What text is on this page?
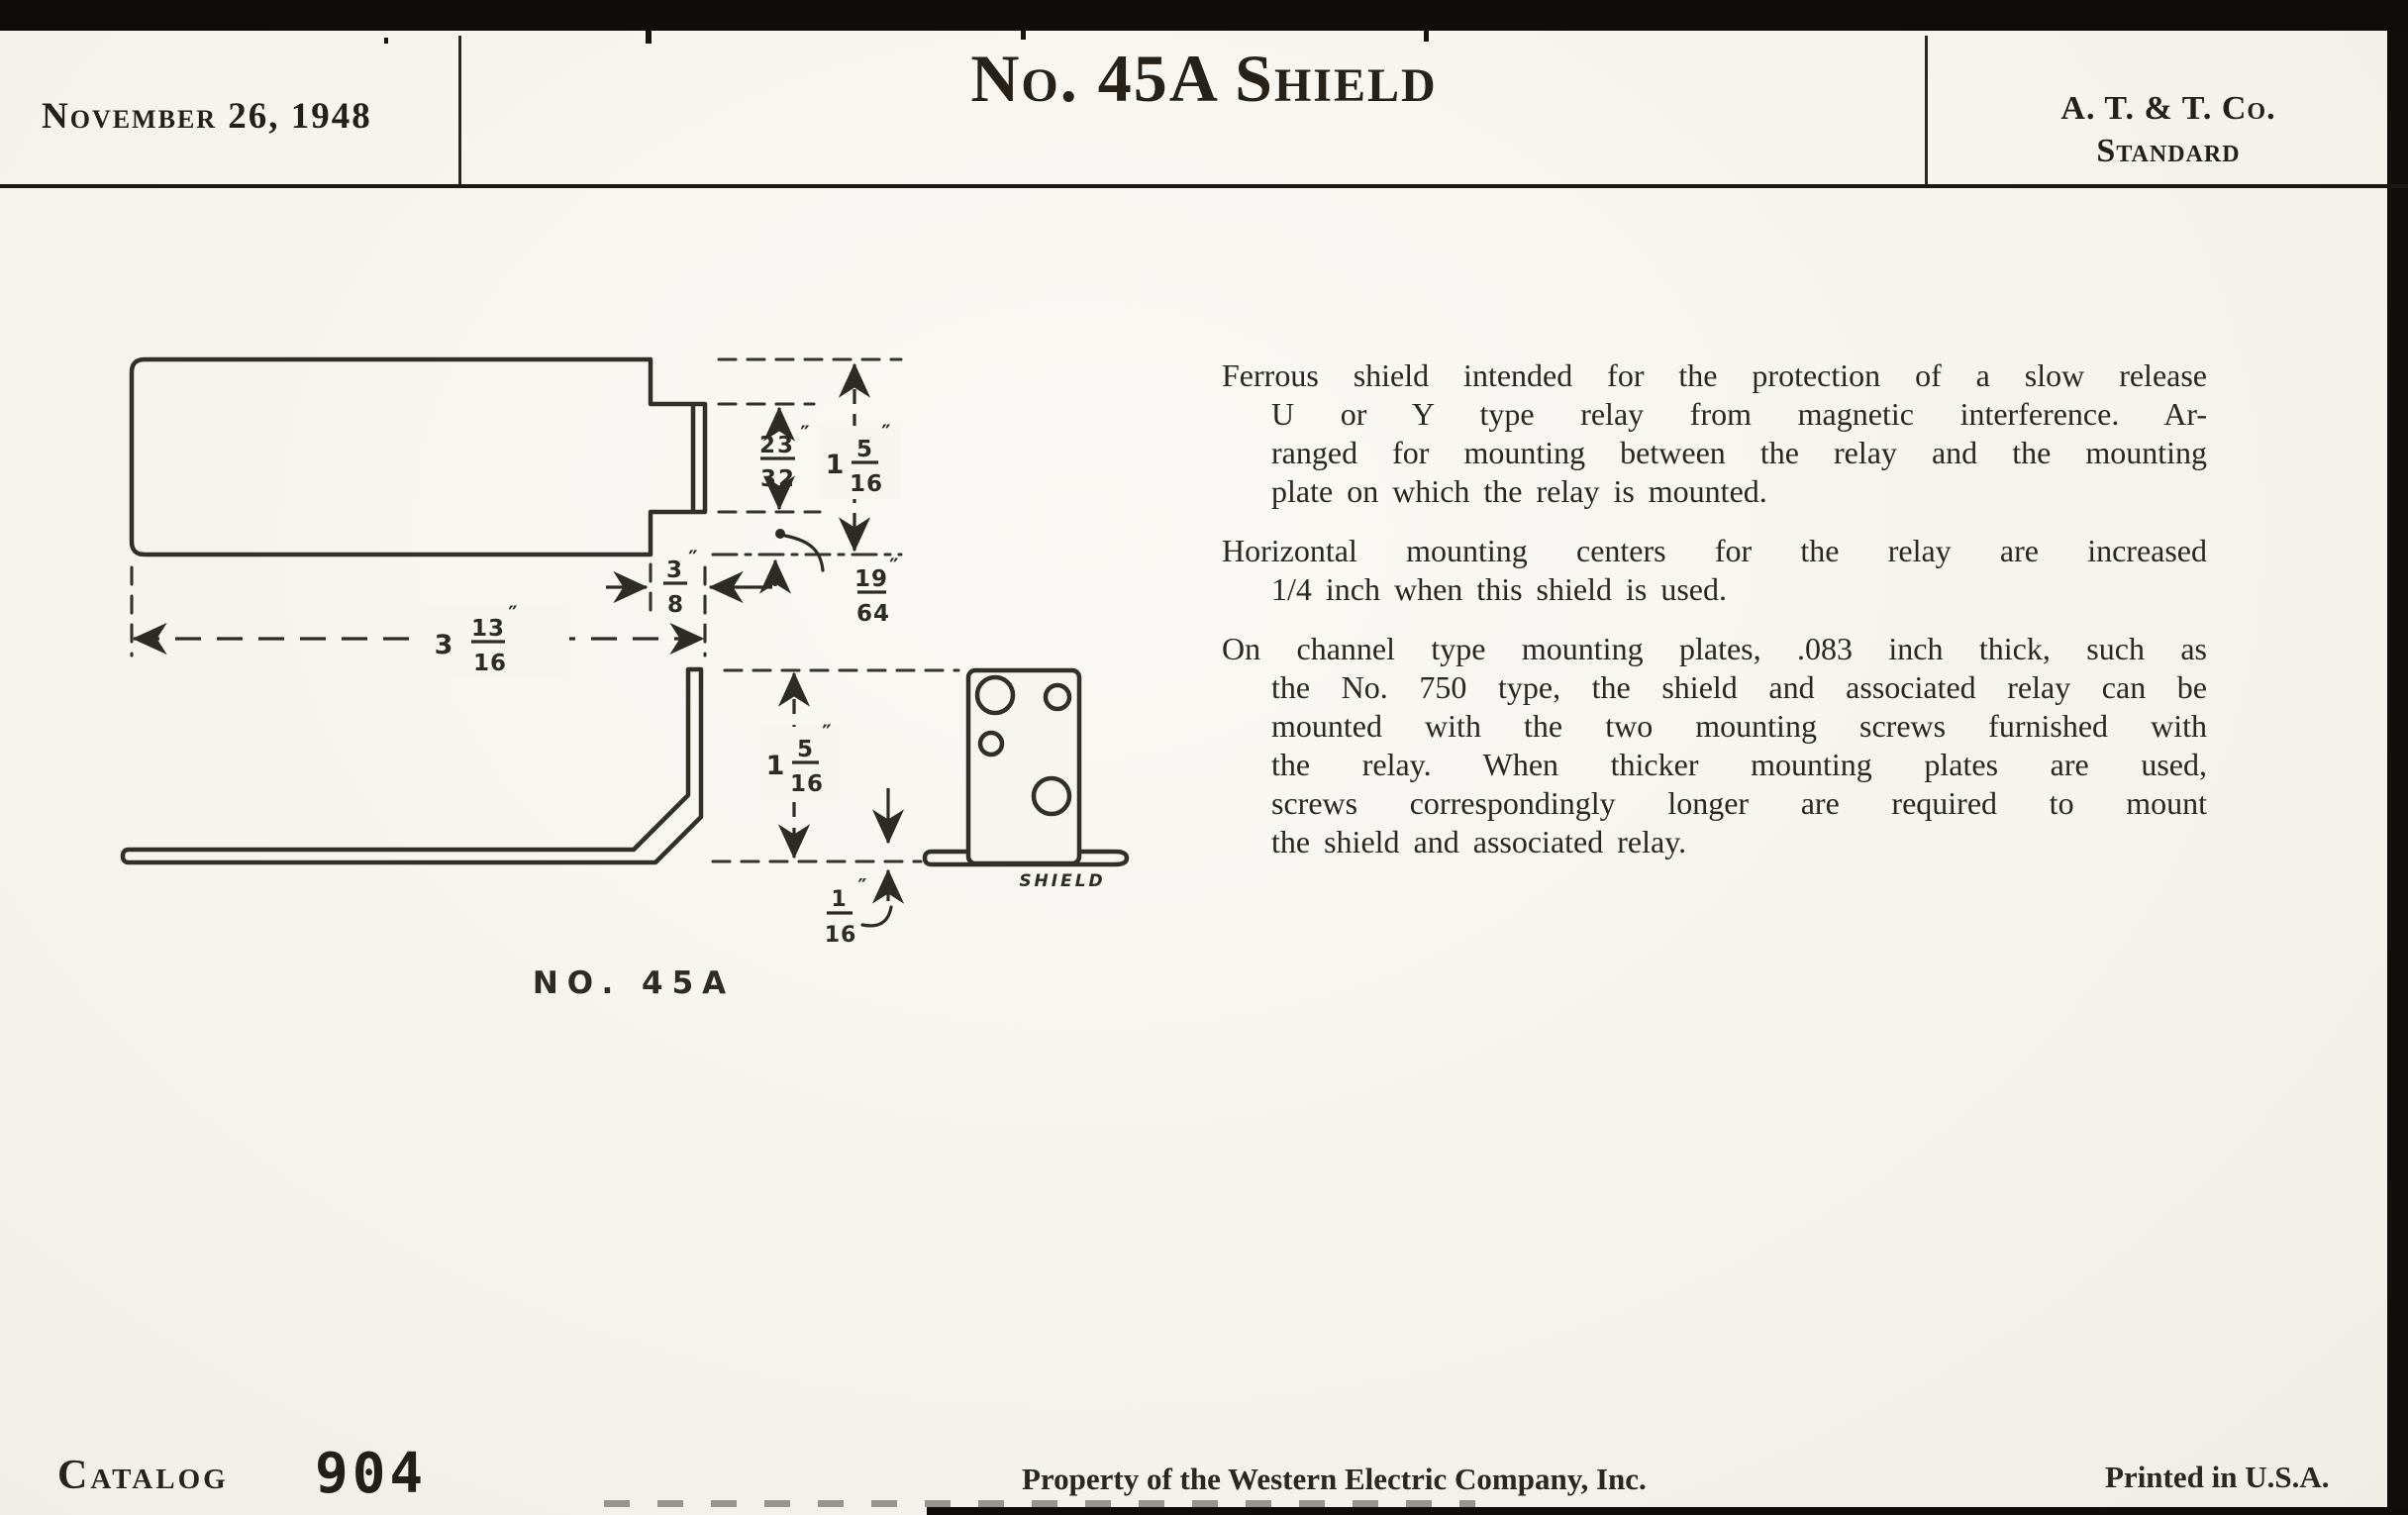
November 26, 1948
No. 45A Shield	A. T. & T. Co.
Standard
23
32
″
1 5
16
″
19
64
″
3
8
″
3
13
16
″
1
5
16
″
1
16
″	SHIELD
NO. 45A
Ferrous shield intended for the protection of a slow release
U or Y type relay from magnetic interference. Ar-
ranged for mounting between the relay and the mounting
plate on which the relay is mounted.
Horizontal mounting centers for the relay are increased
1/4 inch when this shield is used.
On channel type mounting plates, .083 inch thick, such as
the No. 750 type, the shield and associated relay can be
mounted with the two mounting screws furnished with
the relay. When thicker mounting plates are used,
screws correspondingly longer are required to mount
the shield and associated relay.
Catalog 904	Property of the Western Electric Company, Inc.	Printed in U.S.A.
